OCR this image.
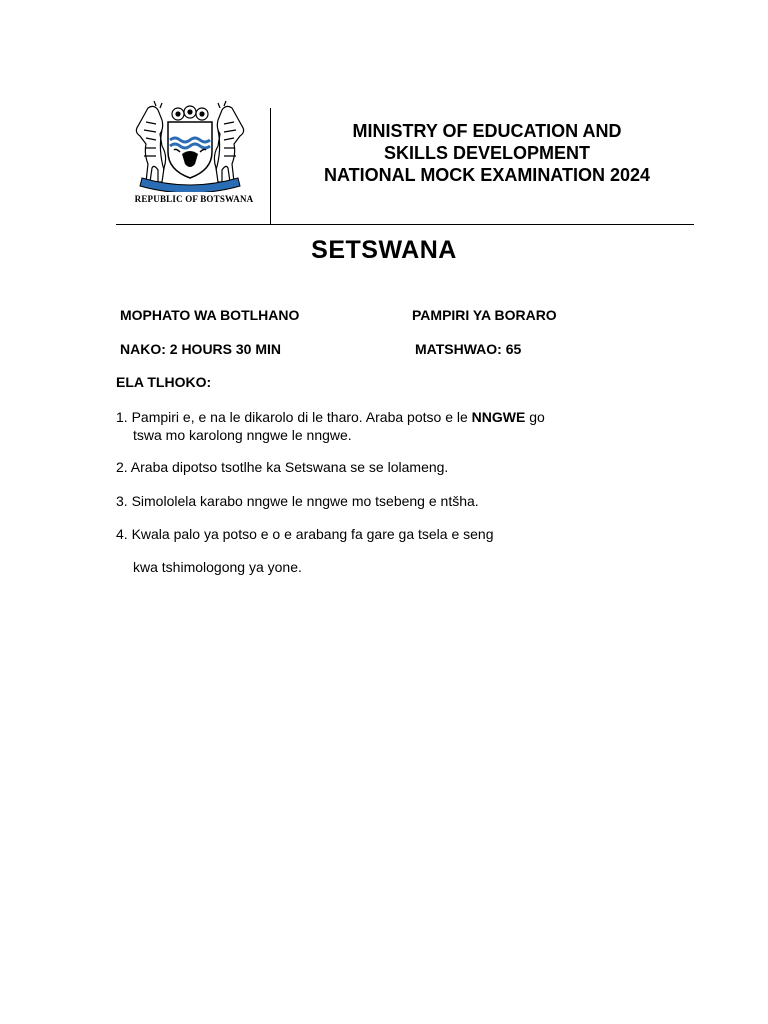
REPUBLIC OF BOTSWANA
MINISTRY OF EDUCATION AND
SKILLS DEVELOPMENT
NATIONAL MOCK EXAMINATION 2024
SETSWANA
MOPHATO WA BOTLHANO	PAMPIRI YA BORARO
NAKO: 2 HOURS 30 MIN	MATSHWAO: 65
ELA TLHOKO:
1. Pampiri e, e na le dikarolo di le tharo. Araba potso e le NNGWE go
tswa mo karolong nngwe le nngwe.
2. Araba dipotso tsotlhe ka Setswana se se lolameng.
3. Simololela karabo nngwe le nngwe mo tsebeng e ntšha.
4. Kwala palo ya potso e o e arabang fa gare ga tsela e seng
kwa tshimologong ya yone.
